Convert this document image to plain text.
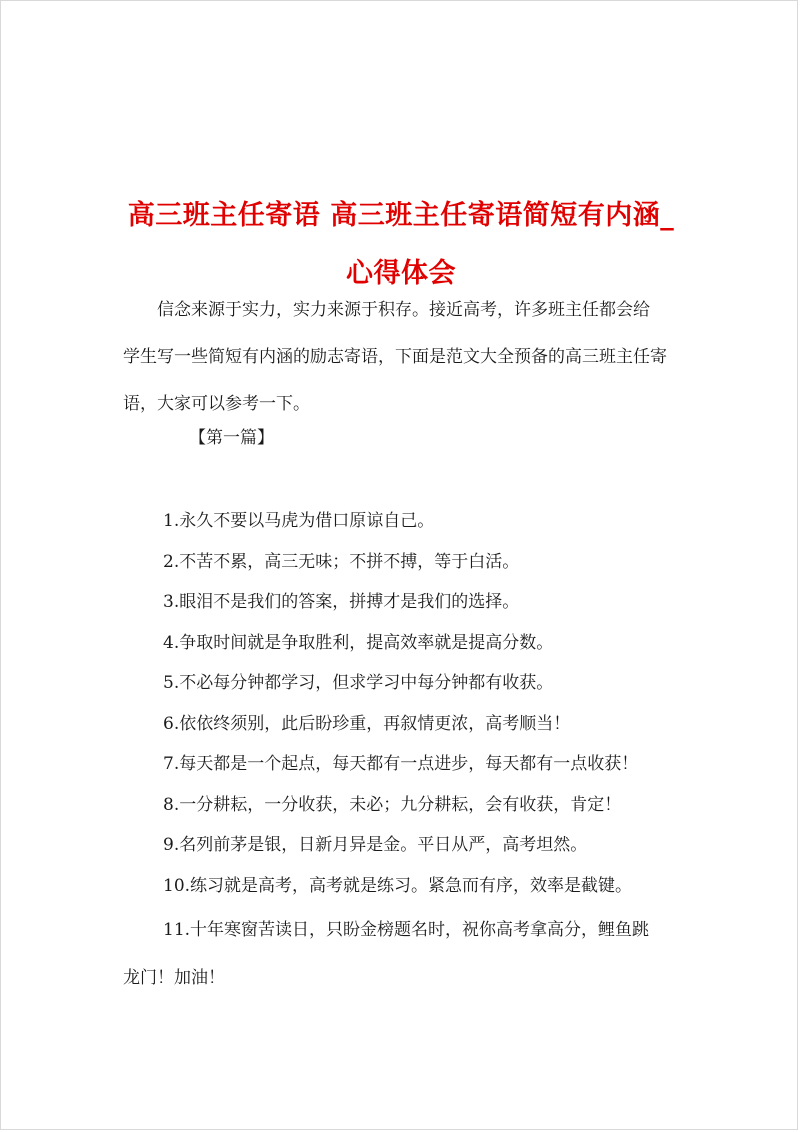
高三班主任寄语 高三班主任寄语简短有内涵_
心得体会
　　信念来源于实力，实力来源于积存。接近高考，许多班主任都会给
学生写一些简短有内涵的励志寄语，下面是范文大全预备的高三班主任寄
语，大家可以参考一下。
【第一篇】
1.永久不要以马虎为借口原谅自己。
2.不苦不累，高三无味；不拼不搏，等于白活。
3.眼泪不是我们的答案，拼搏才是我们的选择。
4.争取时间就是争取胜利，提高效率就是提高分数。
5.不必每分钟都学习，但求学习中每分钟都有收获。
6.依依终须别，此后盼珍重，再叙情更浓，高考顺当！
7.每天都是一个起点，每天都有一点进步，每天都有一点收获！
8.一分耕耘，一分收获，未必；九分耕耘，会有收获，肯定！
9.名列前茅是银，日新月异是金。平日从严，高考坦然。
10.练习就是高考，高考就是练习。紧急而有序，效率是截键。
11.十年寒窗苦读日，只盼金榜题名时，祝你高考拿高分，鲤鱼跳
龙门！加油！
